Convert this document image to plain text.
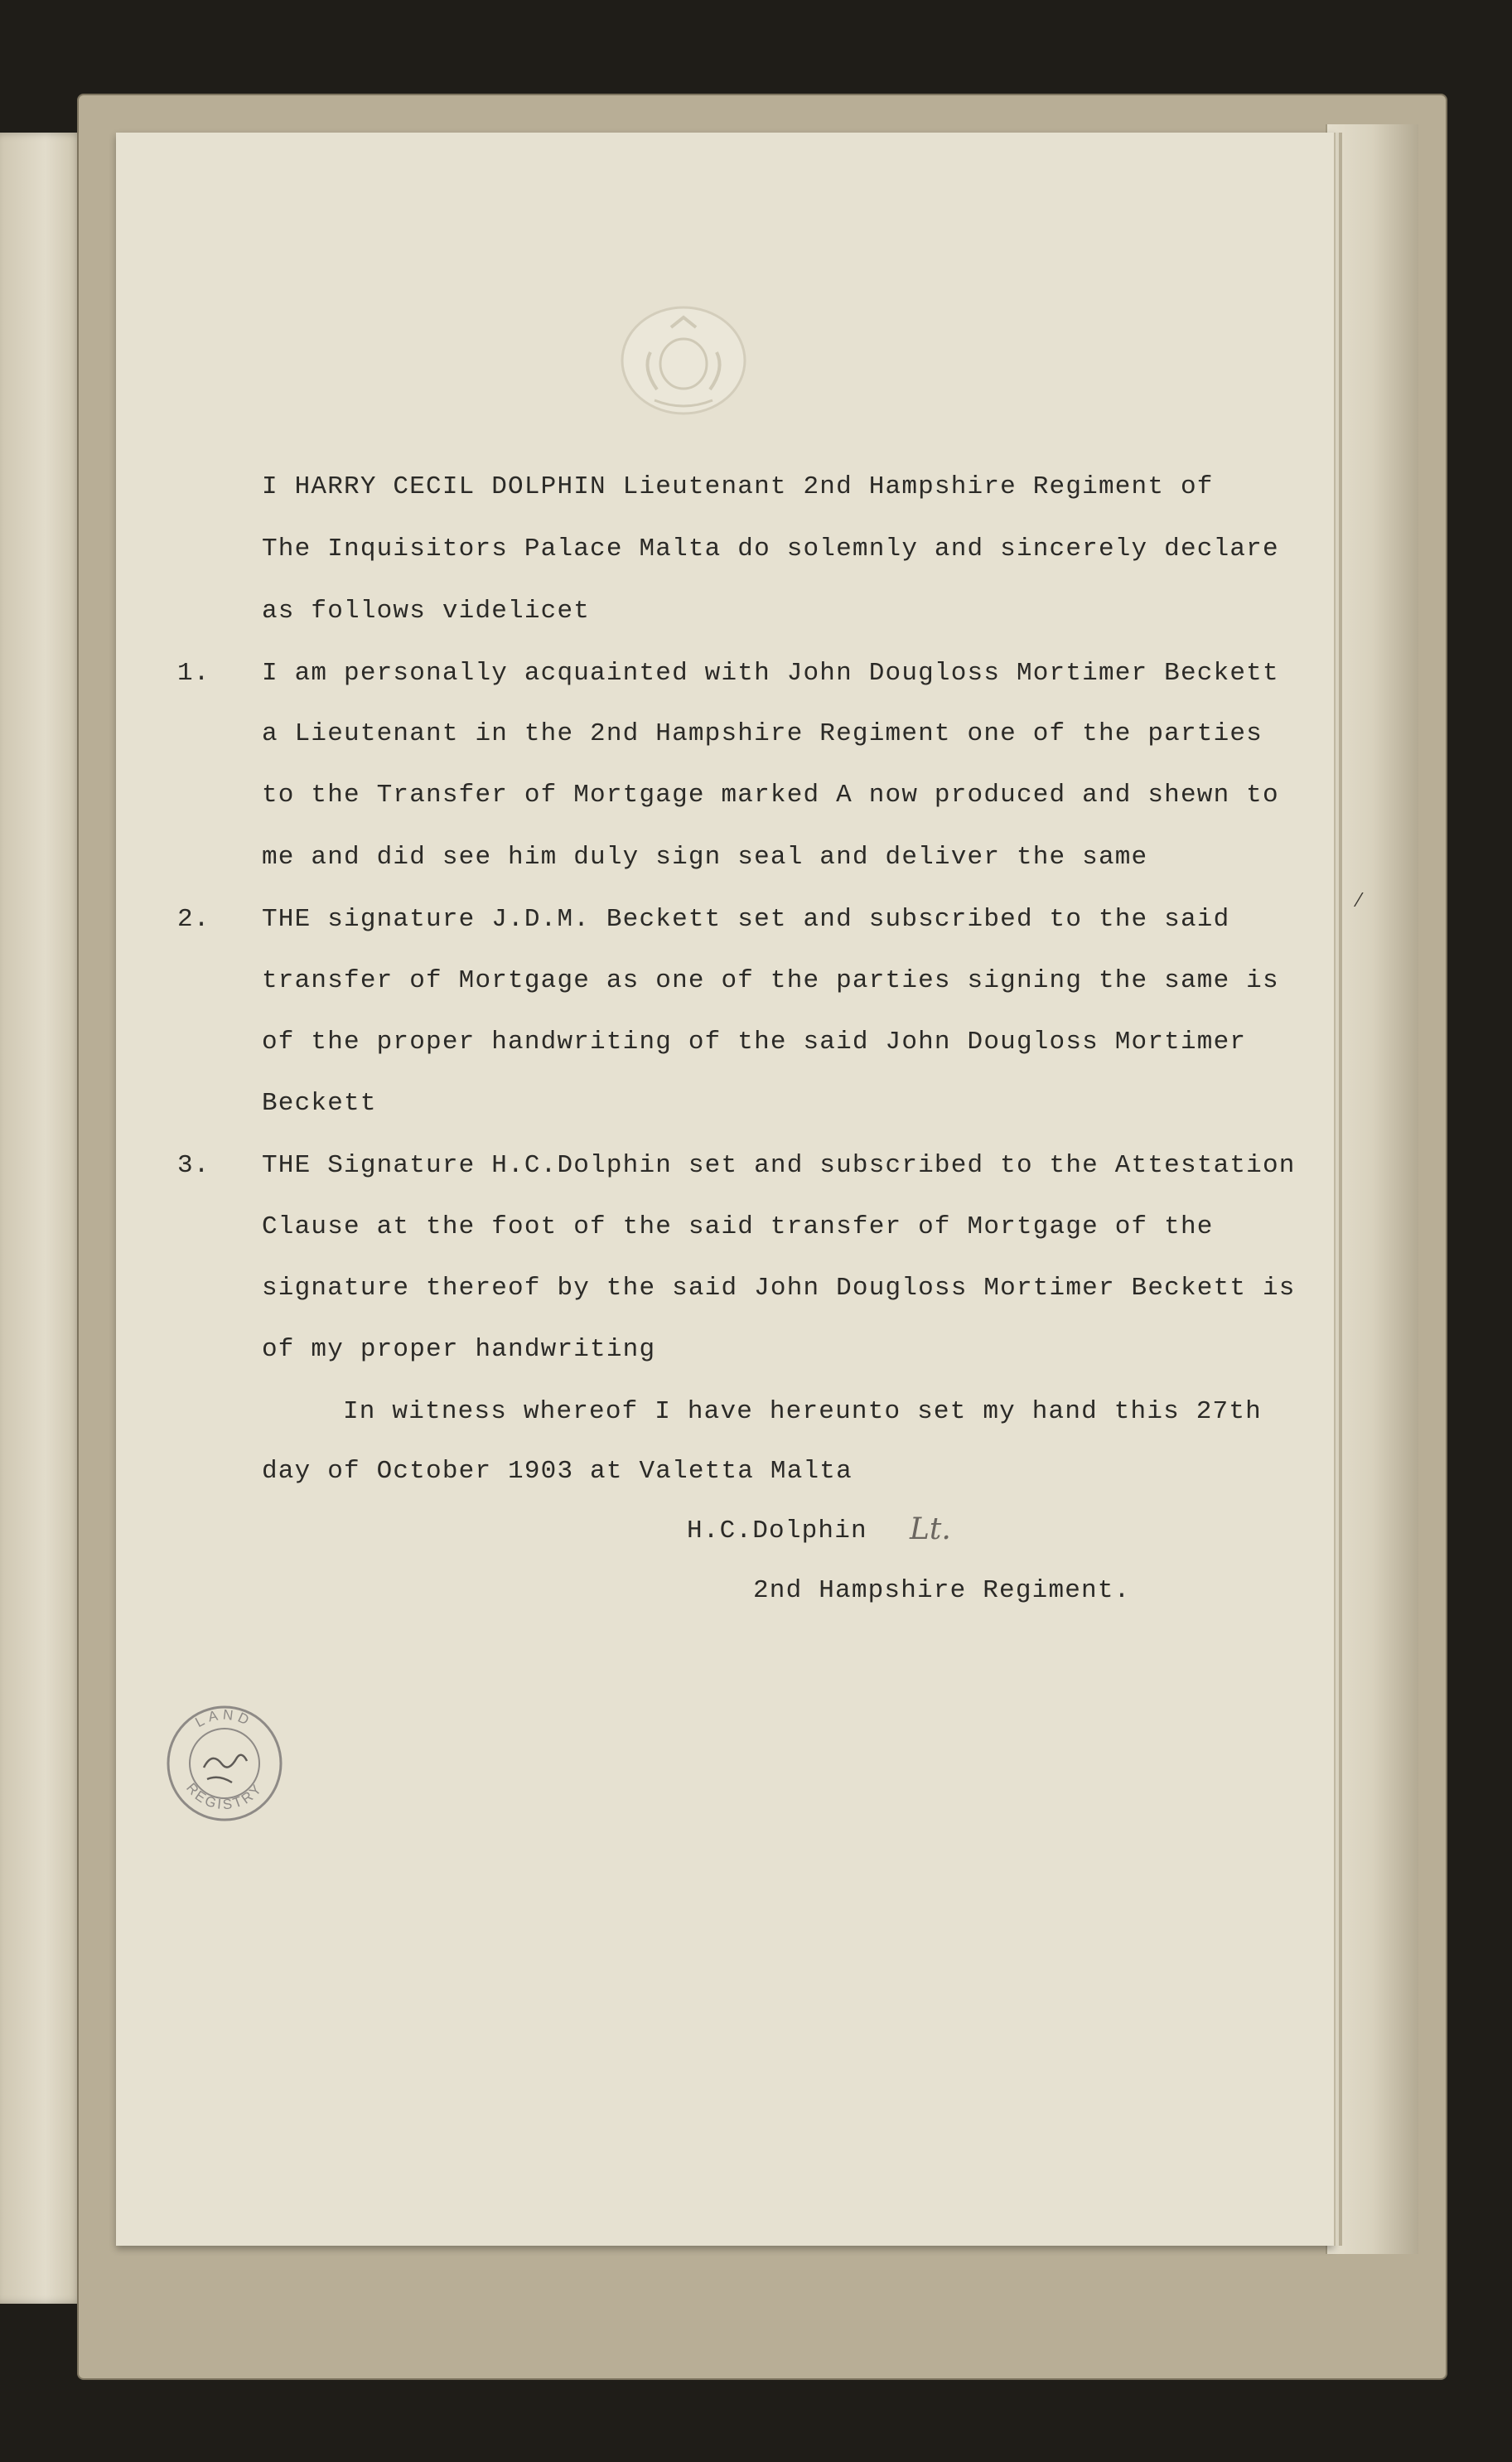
I HARRY CECIL DOLPHIN Lieutenant 2nd Hampshire Regiment of
The Inquisitors Palace Malta do solemnly and sincerely declare
as follows videlicet
1. I am personally acquainted with John Dougloss Mortimer Beckett
a Lieutenant in the 2nd Hampshire Regiment one of the parties
to the Transfer of Mortgage marked A now produced and shewn to
me and did see him duly sign seal and deliver the same
2. THE signature J.D.M. Beckett set and subscribed to the said
transfer of Mortgage as one of the parties signing the same is
of the proper handwriting of the said John Dougloss Mortimer
Beckett
3. THE Signature H.C.Dolphin set and subscribed to the Attestation
Clause at the foot of the said transfer of Mortgage of the
signature thereof by the said John Dougloss Mortimer Beckett is
of my proper handwriting
In witness whereof I have hereunto set my hand this 27th
day of October 1903 at Valetta Malta
H.C.Dolphin
2nd Hampshire Regiment.
Lt.
LAND
REGISTRY
⁄
